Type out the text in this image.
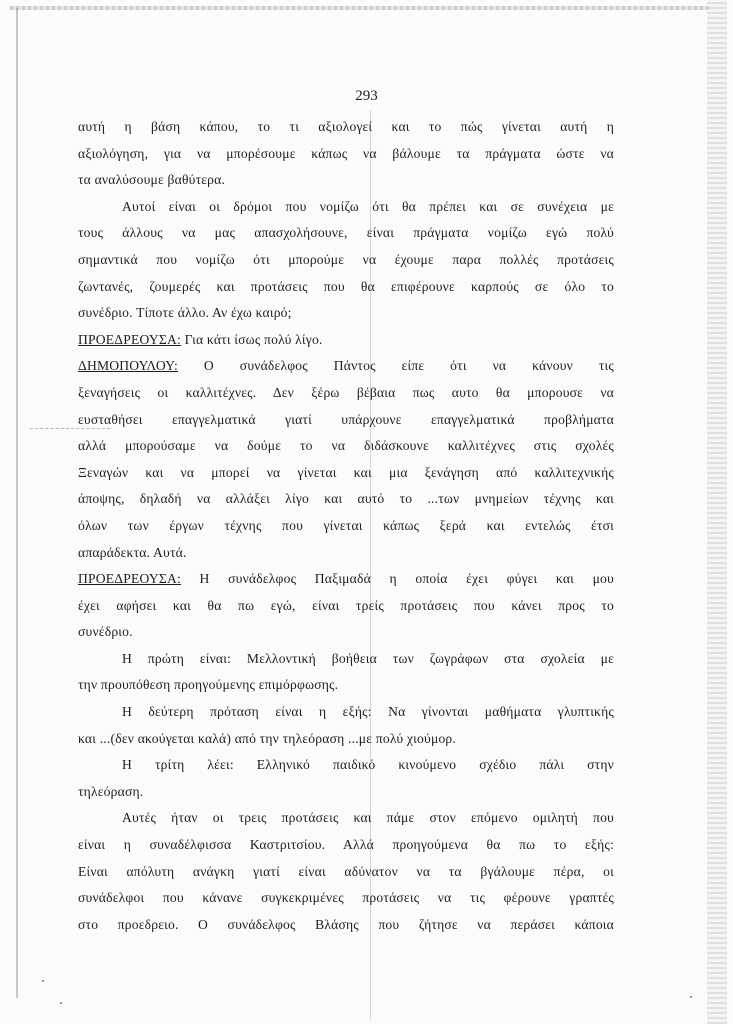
293
αυτή η βάση κάπου, το τι αξιολογεί και το πώς γίνεται αυτή η
αξιολόγηση, για να μπορέσουμε κάπως να βάλουμε τα πράγματα ώστε να
τα αναλύσουμε βαθύτερα.
Αυτοί είναι οι δρόμοι που νομίζω ότι θα πρέπει και σε συνέχεια με
τους άλλους να μας απασχολήσουνε, είναι πράγματα νομίζω εγώ πολύ
σημαντικά που νομίζω ότι μπορούμε να έχουμε παρα πολλές προτάσεις
ζωντανές, ζουμερές και προτάσεις που θα επιφέρουνε καρπούς σε όλο το
συνέδριο. Τίποτε άλλο. Αν έχω καιρό;
ΠΡΟΕΔΡΕΟΥΣΑ: Για κάτι ίσως πολύ λίγο.
ΔΗΜΟΠΟΥΛΟΥ: Ο συνάδελφος Πάντος είπε ότι να κάνουν τις
ξεναγήσεις οι καλλιτέχνες. Δεν ξέρω βέβαια πως αυτο θα μπορουσε να
ευσταθήσει επαγγελματικά γιατί υπάρχουνε επαγγελματικά προβλήματα
αλλά μπορούσαμε να δούμε το να διδάσκουνε καλλιτέχνες στις σχολές
Ξεναγών και να μπορεί να γίνεται και μια ξενάγηση από καλλιτεχνικής
άποψης, δηλαδή να αλλάξει λίγο και αυτό το ...των μνημείων τέχνης και
όλων των έργων τέχνης που γίνεται κάπως ξερά και εντελώς έτσι
απαράδεκτα. Αυτά.
ΠΡΟΕΔΡΕΟΥΣΑ: Η συνάδελφος Παξιμαδά η οποία έχει φύγει και μου
έχει αφήσει και θα πω εγώ, είναι τρείς προτάσεις που κάνει προς το
συνέδριο.
Η πρώτη είναι: Μελλοντική βοήθεια των ζωγράφων στα σχολεία με
την προυπόθεση προηγούμενης επιμόρφωσης.
Η δεύτερη πρόταση είναι η εξής: Να γίνονται μαθήματα γλυπτικής
και ...(δεν ακούγεται καλά) από την τηλεόραση ...με πολύ χιούμορ.
Η τρίτη λέει: Ελληνικό παιδικό κινούμενο σχέδιο πάλι στην
τηλεόραση.
Αυτές ήταν οι τρεις προτάσεις και πάμε στον επόμενο ομιλητή που
είναι η συναδέλφισσα Καστριτσίου. Αλλά προηγούμενα θα πω το εξής:
Είναι απόλυτη ανάγκη γιατί είναι αδύνατον να τα βγάλουμε πέρα, οι
συνάδελφοι που κάνανε συγκεκριμένες προτάσεις να τις φέρουνε γραπτές
στο προεδρειο. Ο συνάδελφος Βλάσης που ζήτησε να περάσει κάποια
